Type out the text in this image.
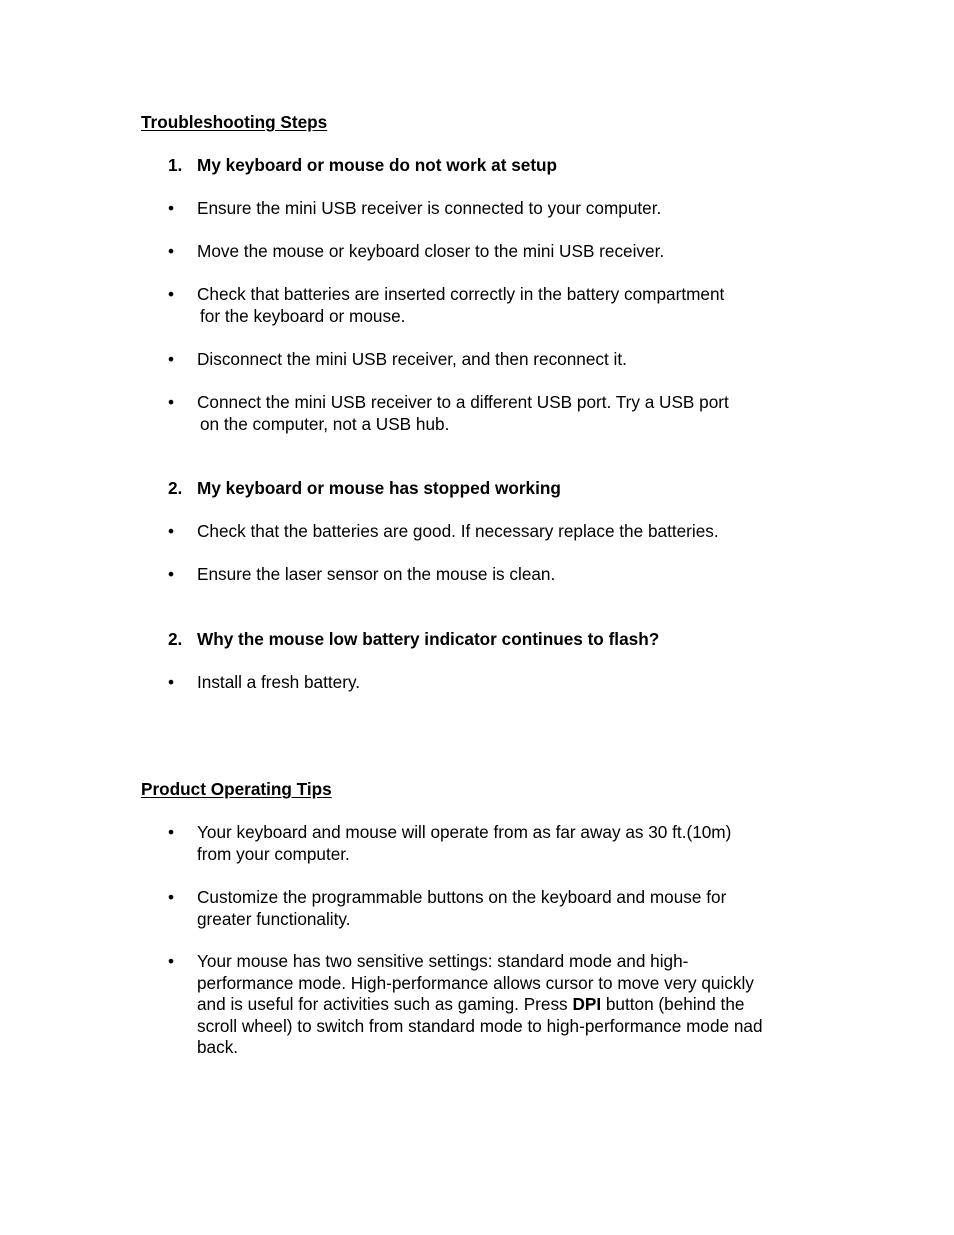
Troubleshooting Steps
1. My keyboard or mouse do not work at setup
• Ensure the mini USB receiver is connected to your computer.
• Move the mouse or keyboard closer to the mini USB receiver.
• Check that batteries are inserted correctly in the battery compartment
for the keyboard or mouse.
• Disconnect the mini USB receiver, and then reconnect it.
• Connect the mini USB receiver to a different USB port. Try a USB port
on the computer, not a USB hub.
2. My keyboard or mouse has stopped working
• Check that the batteries are good. If necessary replace the batteries.
• Ensure the laser sensor on the mouse is clean.
2. Why the mouse low battery indicator continues to flash?
• Install a fresh battery.
Product Operating Tips
• Your keyboard and mouse will operate from as far away as 30 ft.(10m)
from your computer.
• Customize the programmable buttons on the keyboard and mouse for
greater functionality.
• Your mouse has two sensitive settings: standard mode and high-
performance mode. High-performance allows cursor to move very quickly
and is useful for activities such as gaming. Press DPI button (behind the
scroll wheel) to switch from standard mode to high-performance mode nad
back.
